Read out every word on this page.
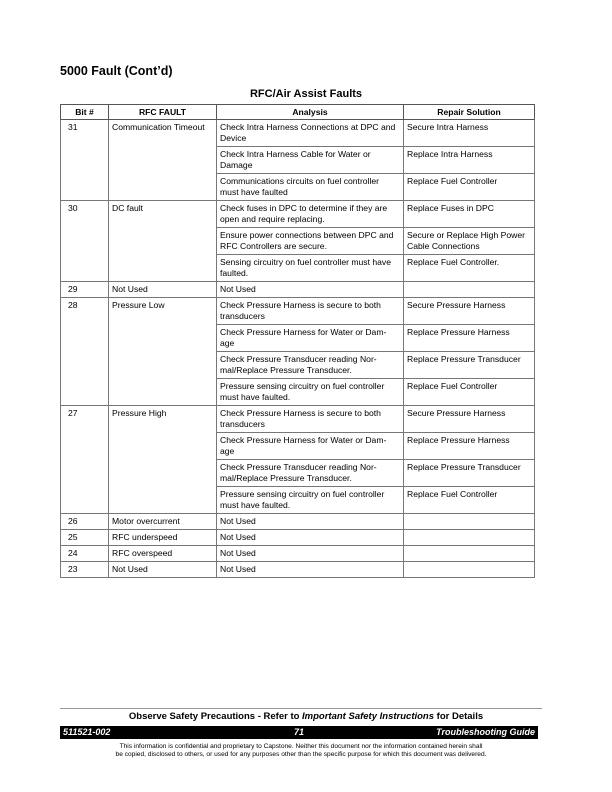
5000 Fault (Cont’d)
RFC/Air Assist Faults
Bit #	RFC FAULT	Analysis	Repair Solution
31	Communication Timeout	Check Intra Harness Connections at DPC and Device	Secure Intra Harness
		Check Intra Harness Cable for Water or Damage	Replace Intra Harness
		Communications circuits on fuel controller must have faulted	Replace Fuel Controller
30	DC fault	Check fuses in DPC to determine if they are open and require replacing.	Replace Fuses in DPC
		Ensure power connections between DPC and RFC Controllers are secure.	Secure or Replace High Power Cable Connections
		Sensing circuitry on fuel controller must have faulted.	Replace Fuel Controller.
29	Not Used	Not Used	
28	Pressure Low	Check Pressure Harness is secure to both transducers	Secure Pressure Harness
		Check Pressure Harness for Water or Dam-age	Replace Pressure Harness
		Check Pressure Transducer reading Nor-mal/Replace Pressure Transducer.	Replace Pressure Transducer
		Pressure sensing circuitry on fuel controller must have faulted.	Replace Fuel Controller
27	Pressure High	Check Pressure Harness is secure to both transducers	Secure Pressure Harness
		Check Pressure Harness for Water or Dam-age	Replace Pressure Harness
		Check Pressure Transducer reading Nor-mal/Replace Pressure Transducer.	Replace Pressure Transducer
		Pressure sensing circuitry on fuel controller must have faulted.	Replace Fuel Controller
26	Motor overcurrent	Not Used	
25	RFC underspeed	Not Used	
24	RFC overspeed	Not Used	
23	Not Used	Not Used	
Observe Safety Precautions - Refer to Important Safety Instructions for Details
511521-002	71	Troubleshooting Guide
This information is confidential and proprietary to Capstone. Neither this document nor the information contained herein shall
be copied, disclosed to others, or used for any purposes other than the specific purpose for which this document was delivered.
